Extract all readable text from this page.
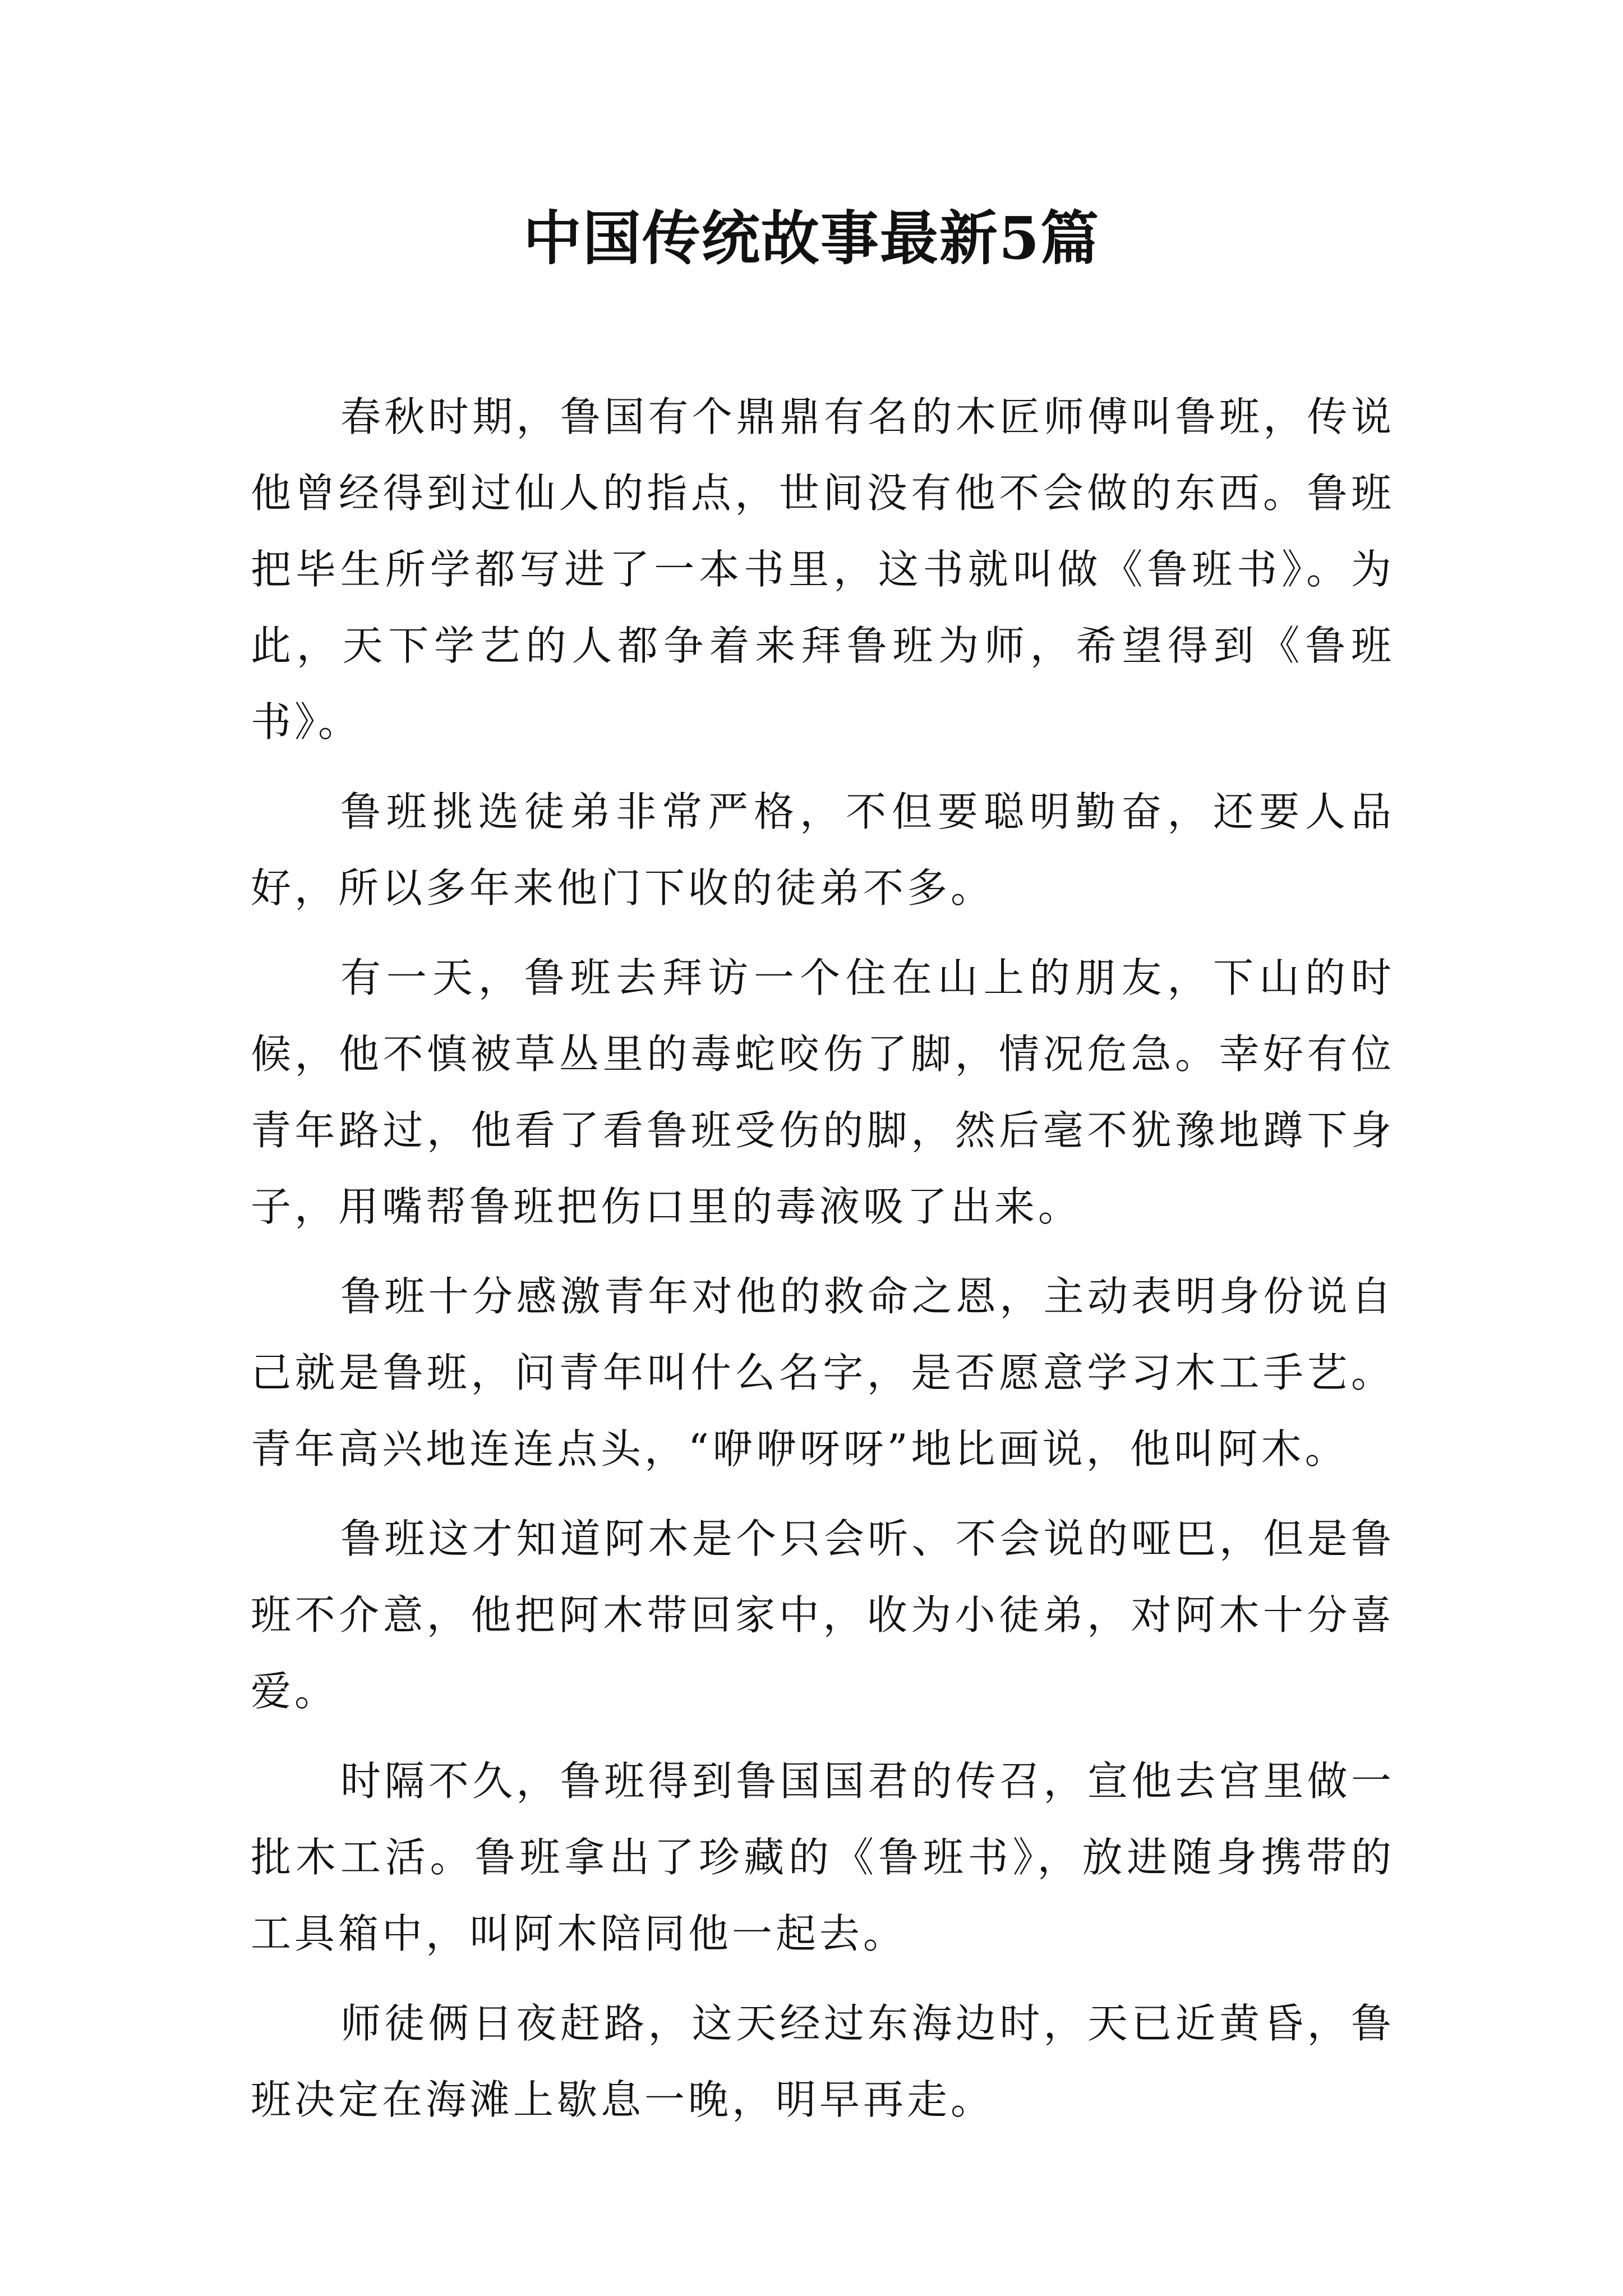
中国传统故事最新5篇

春秋时期，鲁国有个鼎鼎有名的木匠师傅叫鲁班，传说他曾经得到过仙人的指点，世间没有他不会做的东西。鲁班把毕生所学都写进了一本书里，这书就叫做《鲁班书》。为此，天下学艺的人都争着来拜鲁班为师，希望得到《鲁班书》。

鲁班挑选徒弟非常严格，不但要聪明勤奋，还要人品好，所以多年来他门下收的徒弟不多。

有一天，鲁班去拜访一个住在山上的朋友，下山的时候，他不慎被草丛里的毒蛇咬伤了脚，情况危急。幸好有位青年路过，他看了看鲁班受伤的脚，然后毫不犹豫地蹲下身子，用嘴帮鲁班把伤口里的毒液吸了出来。

鲁班十分感激青年对他的救命之恩，主动表明身份说自己就是鲁班，问青年叫什么名字，是否愿意学习木工手艺。青年高兴地连连点头，“咿咿呀呀”地比画说，他叫阿木。

鲁班这才知道阿木是个只会听、不会说的哑巴，但是鲁班不介意，他把阿木带回家中，收为小徒弟，对阿木十分喜爱。

时隔不久，鲁班得到鲁国国君的传召，宣他去宫里做一批木工活。鲁班拿出了珍藏的《鲁班书》，放进随身携带的工具箱中，叫阿木陪同他一起去。

师徒俩日夜赶路，这天经过东海边时，天已近黄昏，鲁班决定在海滩上歇息一晚，明早再走。
